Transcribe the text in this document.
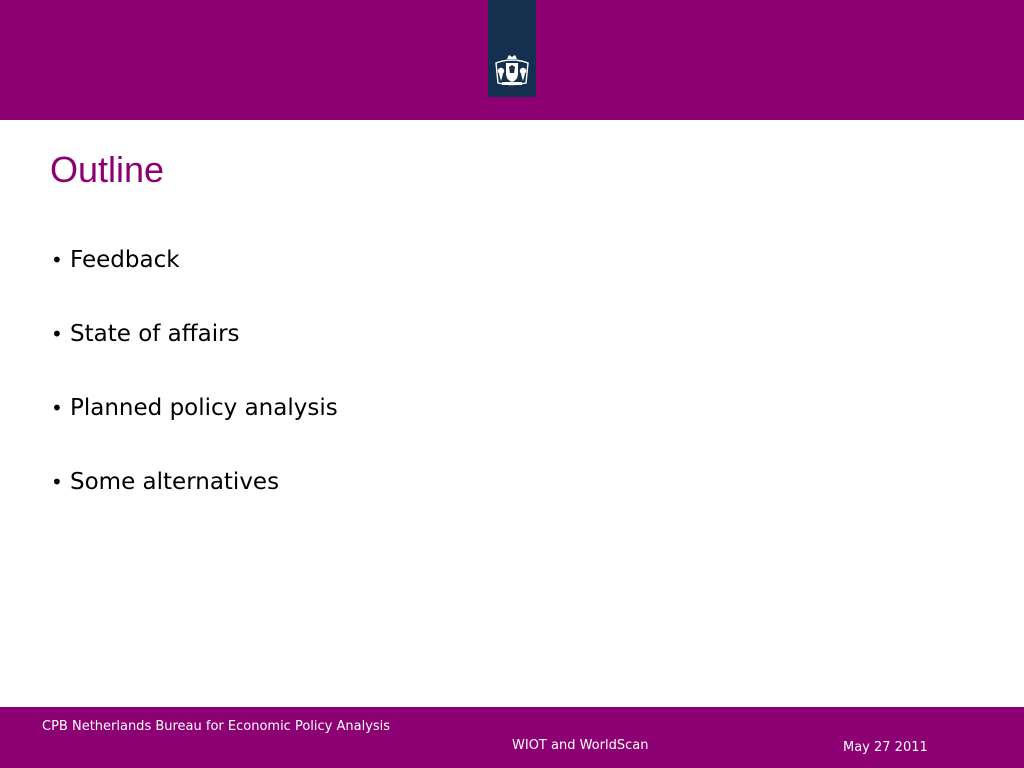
Outline
• Feedback
• State of affairs
• Planned policy analysis
• Some alternatives

CPB Netherlands Bureau for Economic Policy Analysis

WIOT and WorldScan	May 27 2011
